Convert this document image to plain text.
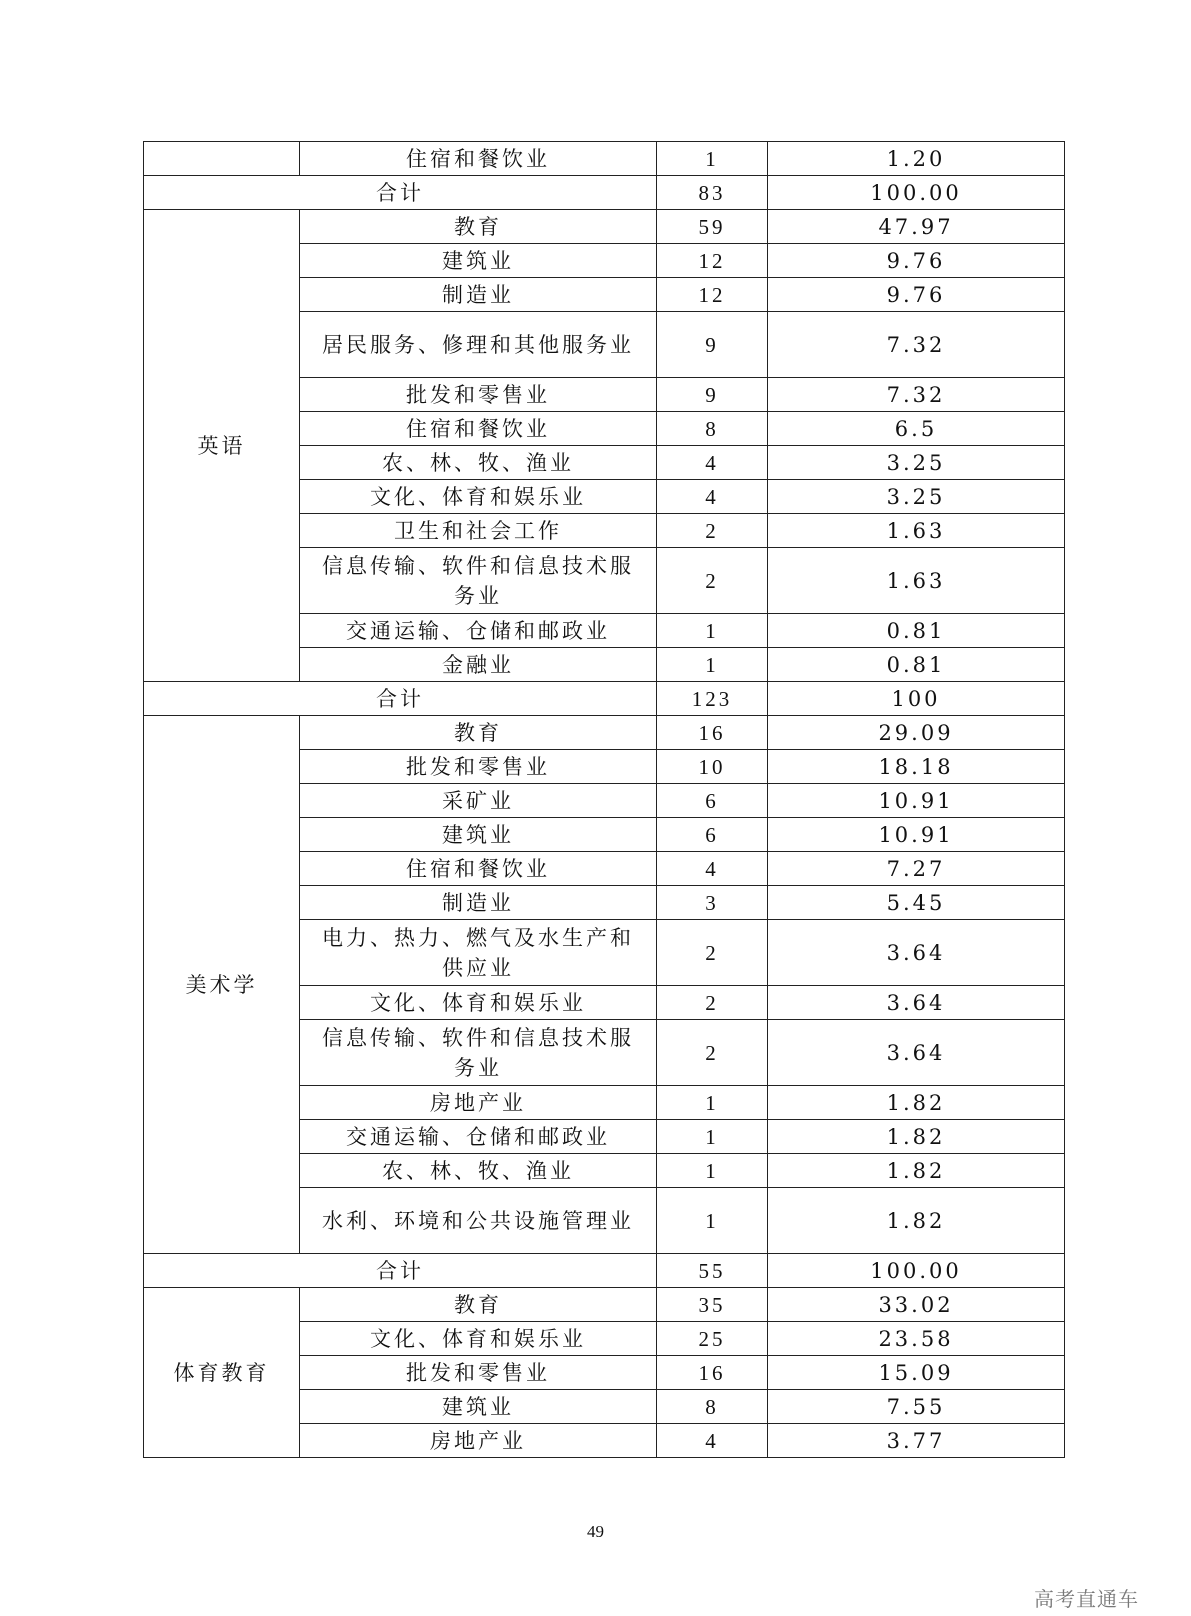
	住宿和餐饮业	1	1.20
合计		83	100.00
英语	教育	59	47.97
	建筑业	12	9.76
	制造业	12	9.76
	居民服务、修理和其他服务业	9	7.32
	批发和零售业	9	7.32
	住宿和餐饮业	8	6.5
	农、林、牧、渔业	4	3.25
	文化、体育和娱乐业	4	3.25
	卫生和社会工作	2	1.63
	信息传输、软件和信息技术服务业	2	1.63
	交通运输、仓储和邮政业	1	0.81
	金融业	1	0.81
合计		123	100
美术学	教育	16	29.09
	批发和零售业	10	18.18
	采矿业	6	10.91
	建筑业	6	10.91
	住宿和餐饮业	4	7.27
	制造业	3	5.45
	电力、热力、燃气及水生产和供应业	2	3.64
	文化、体育和娱乐业	2	3.64
	信息传输、软件和信息技术服务业	2	3.64
	房地产业	1	1.82
	交通运输、仓储和邮政业	1	1.82
	农、林、牧、渔业	1	1.82
	水利、环境和公共设施管理业	1	1.82
合计		55	100.00
体育教育	教育	35	33.02
	文化、体育和娱乐业	25	23.58
	批发和零售业	16	15.09
	建筑业	8	7.55
	房地产业	4	3.77
49
高考直通车
